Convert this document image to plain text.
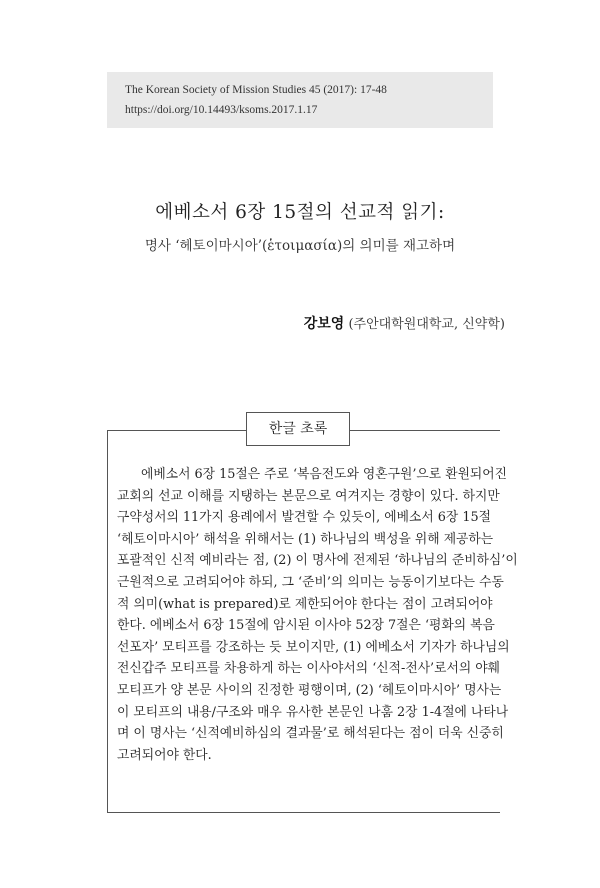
The Korean Society of Mission Studies 45 (2017): 17-48
https://doi.org/10.14493/ksoms.2017.1.17
에베소서 6장 15절의 선교적 읽기:
명사 ‘헤토이마시아’(ἑτοιμασία)의 의미를 재고하며
강보영 (주안대학원대학교, 신약학)
한글 초록
에베소서 6장 15절은 주로 ‘복음전도와 영혼구원’으로 환원되어진
교회의 선교 이해를 지탱하는 본문으로 여겨지는 경향이 있다. 하지만
구약성서의 11가지 용례에서 발견할 수 있듯이, 에베소서 6장 15절
‘헤토이마시아’ 해석을 위해서는 (1) 하나님의 백성을 위해 제공하는
포괄적인 신적 예비라는 점, (2) 이 명사에 전제된 ‘하나님의 준비하심’이
근원적으로 고려되어야 하되, 그 ‘준비’의 의미는 능동이기보다는 수동
적 의미(what is prepared)로 제한되어야 한다는 점이 고려되어야
한다. 에베소서 6장 15절에 암시된 이사야 52장 7절은 ‘평화의 복음
선포자’ 모티프를 강조하는 듯 보이지만, (1) 에베소서 기자가 하나님의
전신갑주 모티프를 차용하게 하는 이사야서의 ‘신적-전사’로서의 야훼
모티프가 양 본문 사이의 진정한 평행이며, (2) ‘헤토이마시아’ 명사는
이 모티프의 내용/구조와 매우 유사한 본문인 나훔 2장 1-4절에 나타나
며 이 명사는 ‘신적예비하심의 결과물’로 해석된다는 점이 더욱 신중히
고려되어야 한다.
